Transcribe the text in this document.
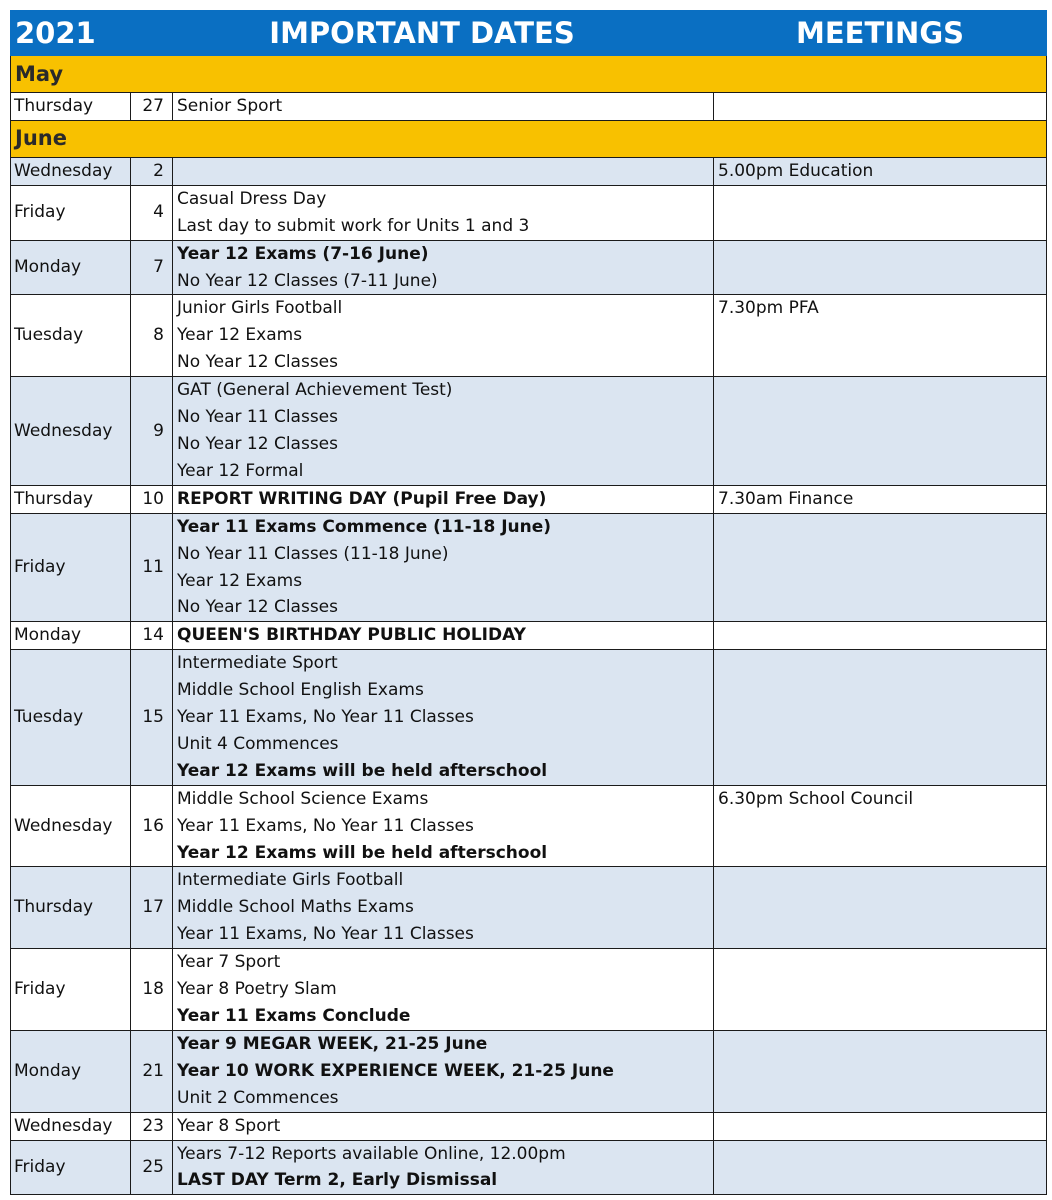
2021	IMPORTANT DATES		MEETINGS
May			
Thursday	27	Senior Sport	

June			
Wednesday	2		5.00pm Education
Friday	4	Casual Dress Day
Last day to submit work for Units 1 and 3	

Monday	7	Year 12 Exams (7-16 June)
No Year 12 Classes (7-11 June)	

Tuesday	8	Junior Girls Football
Year 12 Exams
No Year 12 Classes	7.30pm PFA
Wednesday	9	GAT (General Achievement Test)
No Year 11 Classes
No Year 12 Classes
Year 12 Formal	

Thursday	10	REPORT WRITING DAY (Pupil Free Day)	7.30am Finance
Friday	11	Year 11 Exams Commence (11-18 June)
No Year 11 Classes (11-18 June)
Year 12 Exams
No Year 12 Classes	

Monday	14	QUEEN'S BIRTHDAY PUBLIC HOLIDAY	

Tuesday	15	Intermediate Sport
Middle School English Exams
Year 11 Exams, No Year 11 Classes
Unit 4 Commences
Year 12 Exams will be held afterschool	

Wednesday	16	Middle School Science Exams
Year 11 Exams, No Year 11 Classes
Year 12 Exams will be held afterschool	6.30pm School Council
Thursday	17	Intermediate Girls Football
Middle School Maths Exams
Year 11 Exams, No Year 11 Classes	

Friday	18	Year 7 Sport
Year 8 Poetry Slam
Year 11 Exams Conclude	

Monday	21	Year 9 MEGAR WEEK, 21-25 June
Year 10 WORK EXPERIENCE WEEK, 21-25 June
Unit 2 Commences	

Wednesday	23	Year 8 Sport	

Friday	25	Years 7-12 Reports available Online, 12.00pm
LAST DAY Term 2, Early Dismissal	
